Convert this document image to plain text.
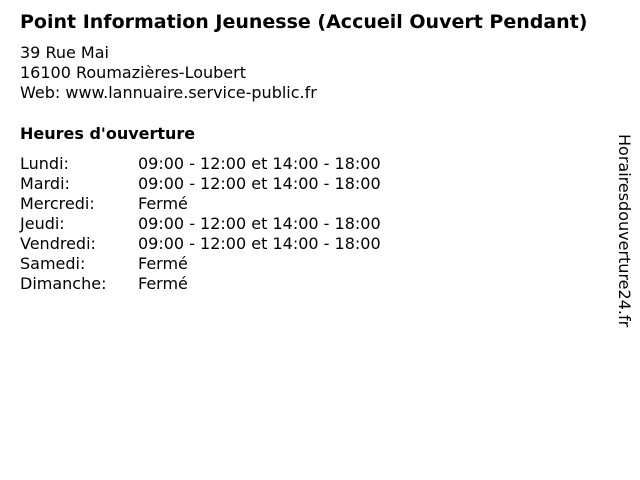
Point Information Jeunesse (Accueil Ouvert Pendant)
39 Rue Mai
16100 Roumazières-Loubert
Web: www.lannuaire.service-public.fr
Heures d'ouverture
Lundi:	09:00 - 12:00 et 14:00 - 18:00
Mardi:	09:00 - 12:00 et 14:00 - 18:00
Mercredi:	Fermé
Jeudi:	09:00 - 12:00 et 14:00 - 18:00
Vendredi:	09:00 - 12:00 et 14:00 - 18:00
Samedi:	Fermé
Dimanche:	Fermé	Horairesdouverture24.fr
